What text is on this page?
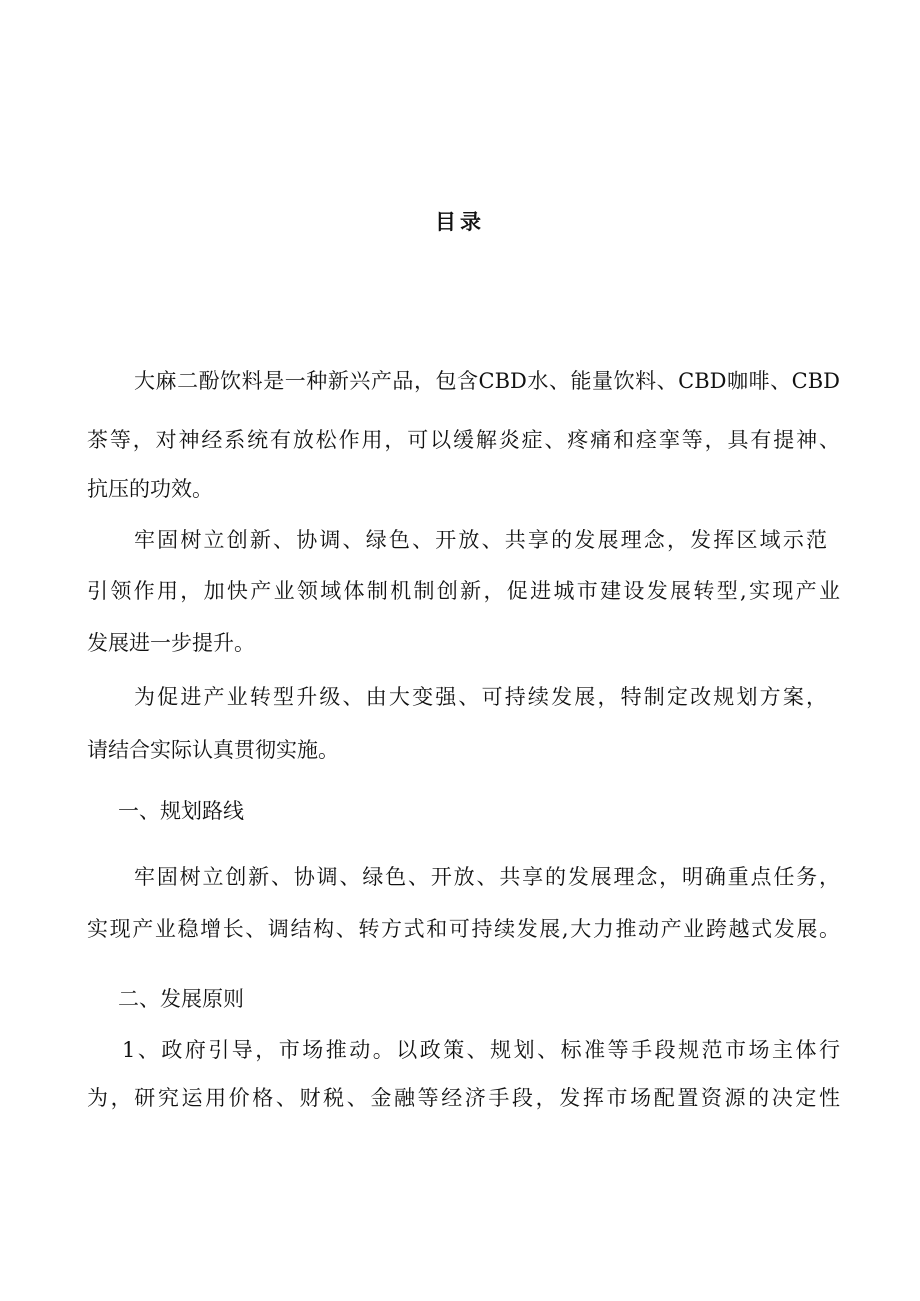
目录
大麻二酚饮料是一种新兴产品，包含CBD水、能量饮料、CBD咖啡、CBD
茶等，对神经系统有放松作用，可以缓解炎症、疼痛和痉挛等，具有提神、
抗压的功效。
牢固树立创新、协调、绿色、开放、共享的发展理念，发挥区域示范
引领作用，加快产业领域体制机制创新，促进城市建设发展转型,实现产业
发展进一步提升。
为促进产业转型升级、由大变强、可持续发展，特制定改规划方案，
请结合实际认真贯彻实施。
一、规划路线
牢固树立创新、协调、绿色、开放、共享的发展理念，明确重点任务，
实现产业稳增长、调结构、转方式和可持续发展,大力推动产业跨越式发展。
二、发展原则
1、政府引导，市场推动。以政策、规划、标准等手段规范市场主体行
为，研究运用价格、财税、金融等经济手段，发挥市场配置资源的决定性
